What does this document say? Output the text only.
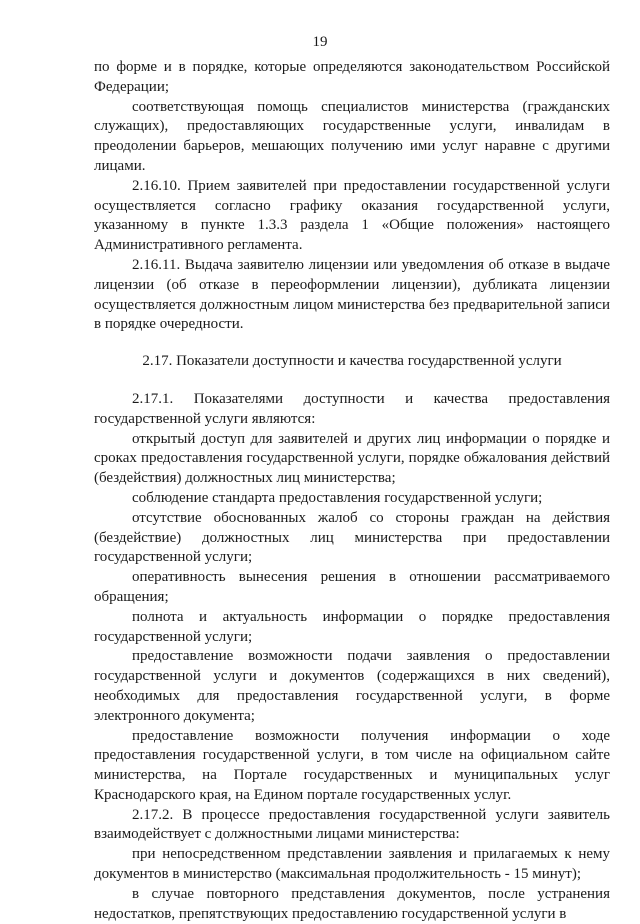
19

по форме и в порядке, которые определяются законодательством Российской Федерации;

соответствующая помощь специалистов министерства (гражданских служащих), предоставляющих государственные услуги, инвалидам в преодолении барьеров, мешающих получению ими услуг наравне с другими лицами.

2.16.10. Прием заявителей при предоставлении государственной услуги осуществляется согласно графику оказания государственной услуги, указанному в пункте 1.3.3 раздела 1 «Общие положения» настоящего Административного регламента.

2.16.11. Выдача заявителю лицензии или уведомления об отказе в выдаче лицензии (об отказе в переоформлении лицензии), дубликата лицензии осуществляется должностным лицом министерства без предварительной записи в порядке очередности.

2.17. Показатели доступности и качества государственной услуги

2.17.1. Показателями доступности и качества предоставления государственной услуги являются:

открытый доступ для заявителей и других лиц информации о порядке и сроках предоставления государственной услуги, порядке обжалования действий (бездействия) должностных лиц министерства;

соблюдение стандарта предоставления государственной услуги;

отсутствие обоснованных жалоб со стороны граждан на действия (бездействие) должностных лиц министерства при предоставлении государственной услуги;

оперативность вынесения решения в отношении рассматриваемого обращения;

полнота и актуальность информации о порядке предоставления государственной услуги;

предоставление возможности подачи заявления о предоставлении государственной услуги и документов (содержащихся в них сведений), необходимых для предоставления государственной услуги, в форме электронного документа;

предоставление возможности получения информации о ходе предоставления государственной услуги, в том числе на официальном сайте министерства, на Портале государственных и муниципальных услуг Краснодарского края, на Едином портале государственных услуг.

2.17.2. В процессе предоставления государственной услуги заявитель взаимодействует с должностными лицами министерства:

при непосредственном представлении заявления и прилагаемых к нему документов в министерство (максимальная продолжительность - 15 минут);

в случае повторного представления документов, после устранения недостатков, препятствующих предоставлению государственной услуги в
